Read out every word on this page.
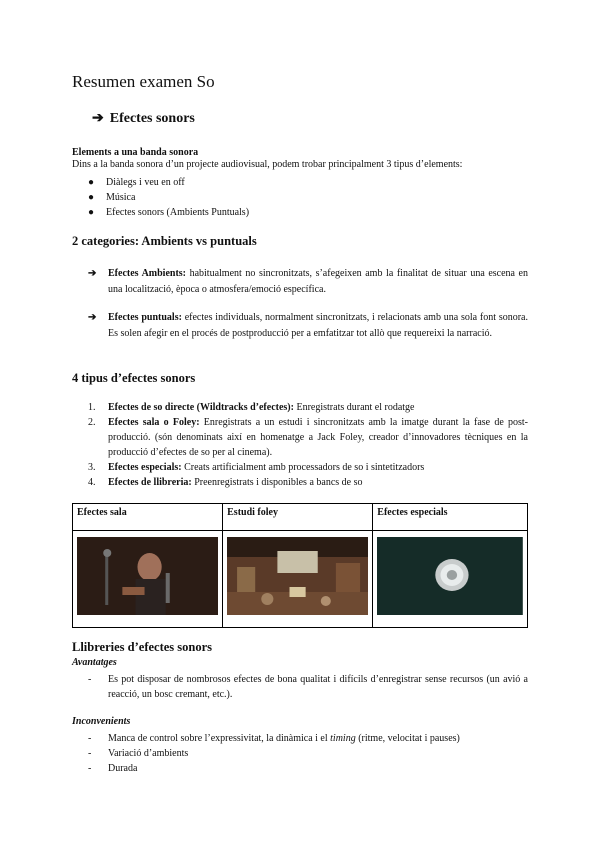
Resumen examen So
➔ Efectes sonors
Elements a una banda sonora
Dins a la banda sonora d’un projecte audiovisual, podem trobar principalment 3 tipus d’elements:
● Diàlegs i veu en off
● Música
● Efectes sonors (Ambients Puntuals)
2 categories: Ambients vs puntuals
➔	Efectes Ambients: habitualment no sincronitzats, s’afegeixen amb la finalitat de situar una escena en una localització, època o atmosfera/emoció específica.
➔	Efectes puntuals: efectes individuals, normalment sincronitzats, i relacionats amb una sola font sonora. Es solen afegir en el procés de postproducció per a emfatitzar tot allò que requereixi la narració.
4 tipus d’efectes sonors
1.	Efectes de so directe (Wildtracks d’efectes): Enregistrats durant el rodatge
2.	Efectes sala o Foley: Enregistrats a un estudi i sincronitzats amb la imatge durant la fase de post-producció. (són denominats així en homenatge a Jack Foley, creador d’innovadores tècniques en la producció d’efectes de so per al cinema).
3.	Efectes especials: Creats artificialment amb processadors de so i sintetitzadors
4.	Efectes de llibreria: Preenregistrats i disponibles a bancs de so
Efectes sala	Estudi foley	Efectes especials

Llibreries d’efectes sonors
Avantatges
- Es pot disposar de nombrosos efectes de bona qualitat i difícils d’enregistrar sense recursos (un avió a reacció, un bosc cremant, etc.).
Inconvenients
- Manca de control sobre l’expressivitat, la dinàmica i el timing (ritme, velocitat i pauses)
- Variació d’ambients
- Durada
